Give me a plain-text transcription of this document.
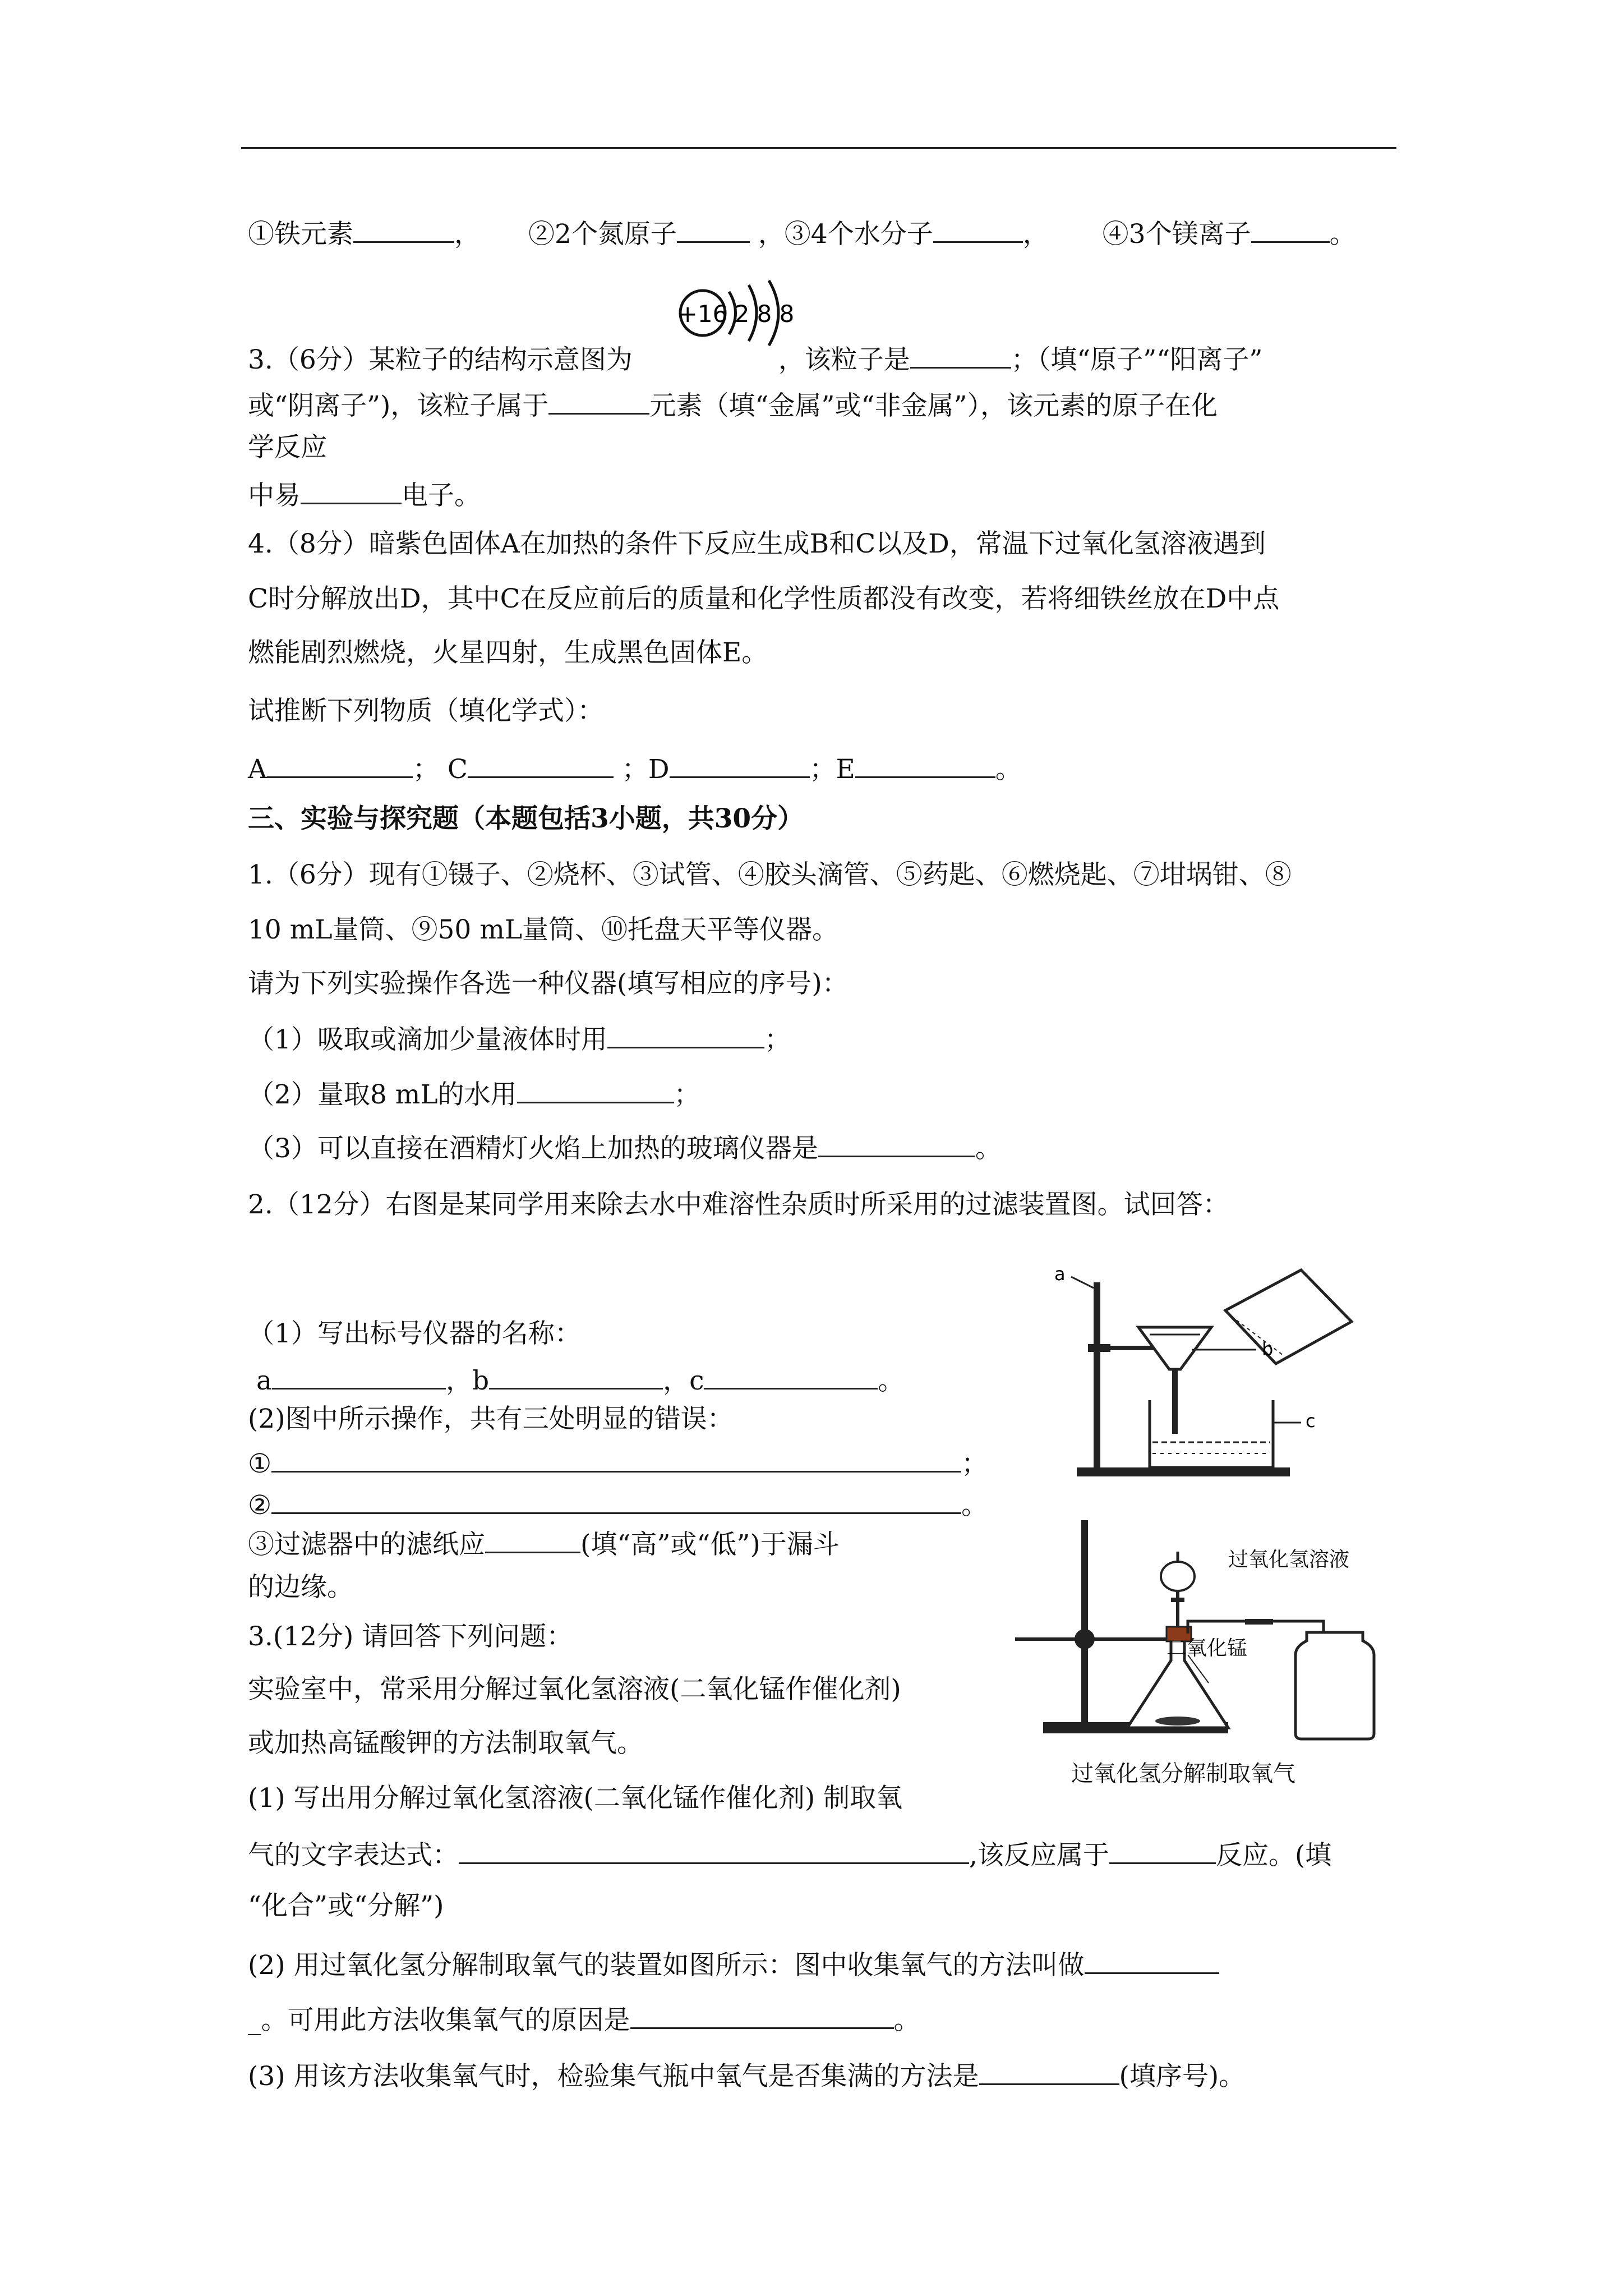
①铁元素	， ②2个氮原子	，③4个水分子	， ④3个镁离子	。
+16 2 8 8
3.（6分）某粒子的结构示意图为	，该粒子是	；（填“原子”“阳离子”
或“阴离子”)，该粒子属于	元素（填“金属”或“非金属”），该元素的原子在化
学反应
中易	电子。
4.（8分）暗紫色固体A在加热的条件下反应生成B和C以及D，常温下过氧化氢溶液遇到
C时分解放出D，其中C在反应前后的质量和化学性质都没有改变，若将细铁丝放在D中点
燃能剧烈燃烧，火星四射，生成黑色固体E。
试推断下列物质（填化学式）：
A	； C	；D	；E	。
三、实验与探究题（本题包括3小题，共30分）
1.（6分）现有①镊子、②烧杯、③试管、④胶头滴管、⑤药匙、⑥燃烧匙、⑦坩埚钳、⑧
10 mL量筒、⑨50 mL量筒、⑩托盘天平等仪器。
请为下列实验操作各选一种仪器(填写相应的序号)：
（1）吸取或滴加少量液体时用	；
（2）量取8 mL的水用	；
（3）可以直接在酒精灯火焰上加热的玻璃仪器是	。
2.（12分）右图是某同学用来除去水中难溶性杂质时所采用的过滤装置图。试回答：
（1）写出标号仪器的名称：
a	，b	，c	。
(2)图中所示操作，共有三处明显的错误：
①	；
②	。
③过滤器中的滤纸应	(填“高”或“低”)于漏斗
的边缘。
a
b
c
3.(12分) 请回答下列问题：
实验室中，常采用分解过氧化氢溶液(二氧化锰作催化剂)
或加热高锰酸钾的方法制取氧气。
(1) 写出用分解过氧化氢溶液(二氧化锰作催化剂) 制取氧
气的文字表达式：	,该反应属于	反应。(填
“化合”或“分解”)
(2) 用过氧化氢分解制取氧气的装置如图所示：图中收集氧气的方法叫做
_。可用此方法收集氧气的原因是	。
(3) 用该方法收集氧气时，检验集气瓶中氧气是否集满的方法是	(填序号)。
过氧化氢溶液
二氧化锰
过氧化氢分解制取氧气
